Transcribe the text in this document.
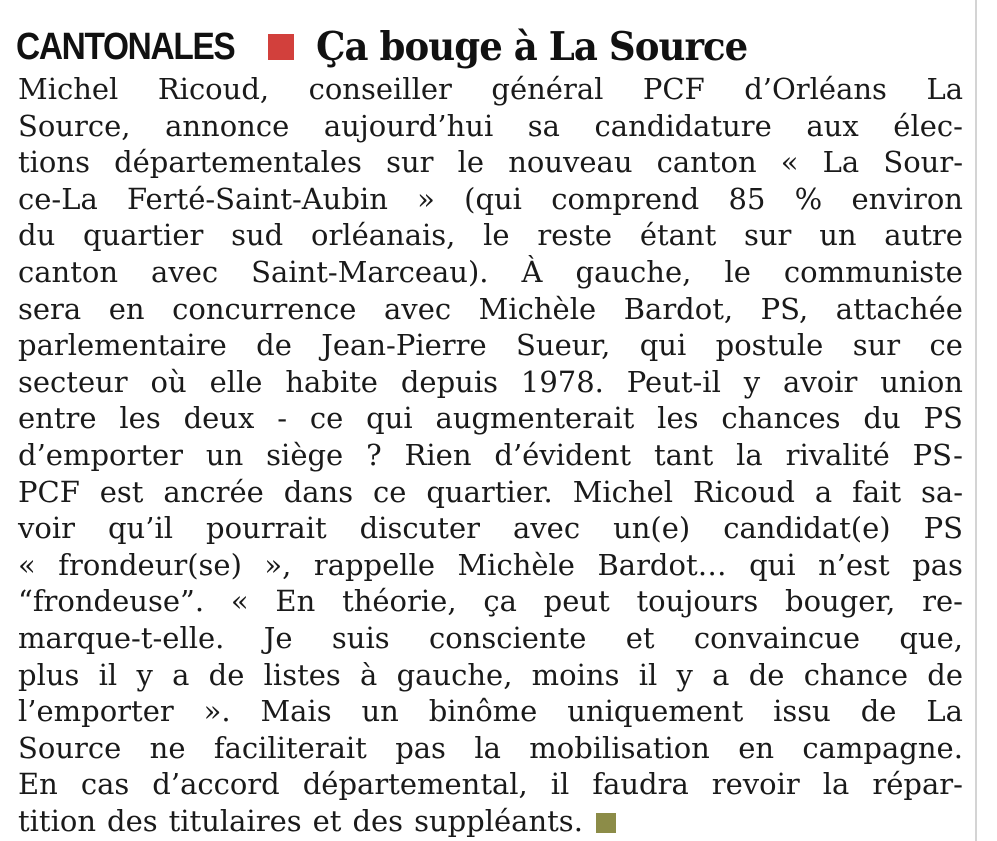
CANTONALES Ça bouge à La Source
Michel Ricoud, conseiller général PCF d’Orléans La
Source, annonce aujourd’hui sa candidature aux élec-
tions départementales sur le nouveau canton « La Sour-
ce-La Ferté-Saint-Aubin » (qui comprend 85 % environ
du quartier sud orléanais, le reste étant sur un autre
canton avec Saint-Marceau). À gauche, le communiste
sera en concurrence avec Michèle Bardot, PS, attachée
parlementaire de Jean-Pierre Sueur, qui postule sur ce
secteur où elle habite depuis 1978. Peut-il y avoir union
entre les deux - ce qui augmenterait les chances du PS
d’emporter un siège ? Rien d’évident tant la rivalité PS-
PCF est ancrée dans ce quartier. Michel Ricoud a fait sa-
voir qu’il pourrait discuter avec un(e) candidat(e) PS
« frondeur(se) », rappelle Michèle Bardot… qui n’est pas
“frondeuse”. « En théorie, ça peut toujours bouger, re-
marque-t-elle. Je suis consciente et convaincue que,
plus il y a de listes à gauche, moins il y a de chance de
l’emporter ». Mais un binôme uniquement issu de La
Source ne faciliterait pas la mobilisation en campagne.
En cas d’accord départemental, il faudra revoir la répar-
tition des titulaires et des suppléants.
